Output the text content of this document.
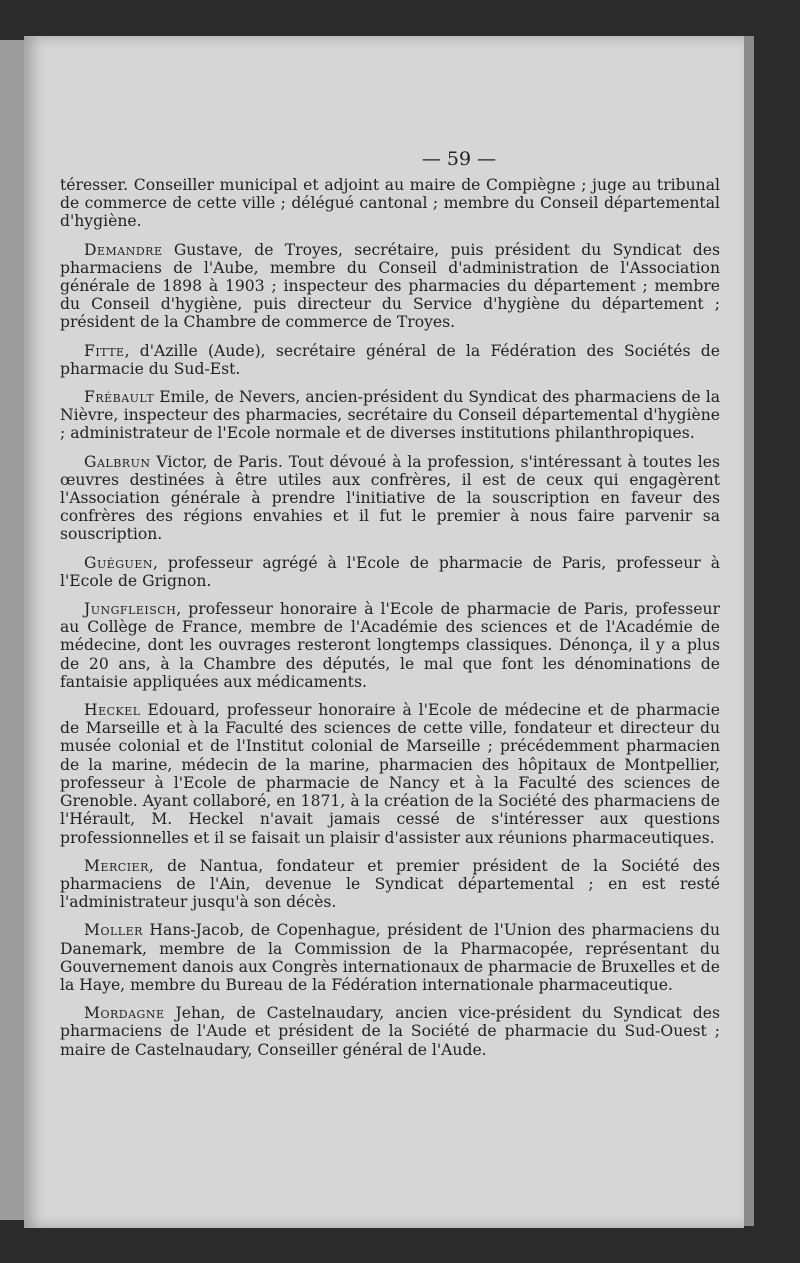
— 59 —

téresser. Conseiller municipal et adjoint au maire de Compiègne ; juge au tribunal de commerce de cette ville ; délégué cantonal ; membre du Conseil départemental d'hygiène.

Demandre Gustave, de Troyes, secrétaire, puis président du Syndicat des pharmaciens de l'Aube, membre du Conseil d'administration de l'Association générale de 1898 à 1903 ; inspecteur des pharmacies du département ; membre du Conseil d'hygiène, puis directeur du Service d'hygiène du département ; président de la Chambre de commerce de Troyes.

Fitte, d'Azille (Aude), secrétaire général de la Fédération des Sociétés de pharmacie du Sud-Est.

Frébault Emile, de Nevers, ancien-président du Syndicat des pharmaciens de la Nièvre, inspecteur des pharmacies, secrétaire du Conseil départemental d'hygiène ; administrateur de l'Ecole normale et de diverses institutions philanthropiques.

Galbrun Victor, de Paris. Tout dévoué à la profession, s'intéressant à toutes les œuvres destinées à être utiles aux confrères, il est de ceux qui engagèrent l'Association générale à prendre l'initiative de la souscription en faveur des confrères des régions envahies et il fut le premier à nous faire parvenir sa souscription.

Guéguen, professeur agrégé à l'Ecole de pharmacie de Paris, professeur à l'Ecole de Grignon.

Jungfleisch, professeur honoraire à l'Ecole de pharmacie de Paris, professeur au Collège de France, membre de l'Académie des sciences et de l'Académie de médecine, dont les ouvrages resteront longtemps classiques. Dénonça, il y a plus de 20 ans, à la Chambre des députés, le mal que font les dénominations de fantaisie appliquées aux médicaments.

Heckel Edouard, professeur honoraire à l'Ecole de médecine et de pharmacie de Marseille et à la Faculté des sciences de cette ville, fondateur et directeur du musée colonial et de l'Institut colonial de Marseille ; précédemment pharmacien de la marine, médecin de la marine, pharmacien des hôpitaux de Montpellier, professeur à l'Ecole de pharmacie de Nancy et à la Faculté des sciences de Grenoble. Ayant collaboré, en 1871, à la création de la Société des pharmaciens de l'Hérault, M. Heckel n'avait jamais cessé de s'intéresser aux questions professionnelles et il se faisait un plaisir d'assister aux réunions pharmaceutiques.

Mercier, de Nantua, fondateur et premier président de la Société des pharmaciens de l'Ain, devenue le Syndicat départemental ; en est resté l'administrateur jusqu'à son décès.

Moller Hans-Jacob, de Copenhague, président de l'Union des pharmaciens du Danemark, membre de la Commission de la Pharmacopée, représentant du Gouvernement danois aux Congrès internationaux de pharmacie de Bruxelles et de la Haye, membre du Bureau de la Fédération internationale pharmaceutique.

Mordagne Jehan, de Castelnaudary, ancien vice-président du Syndicat des pharmaciens de l'Aude et président de la Société de pharmacie du Sud-Ouest ; maire de Castelnaudary, Conseiller général de l'Aude.
